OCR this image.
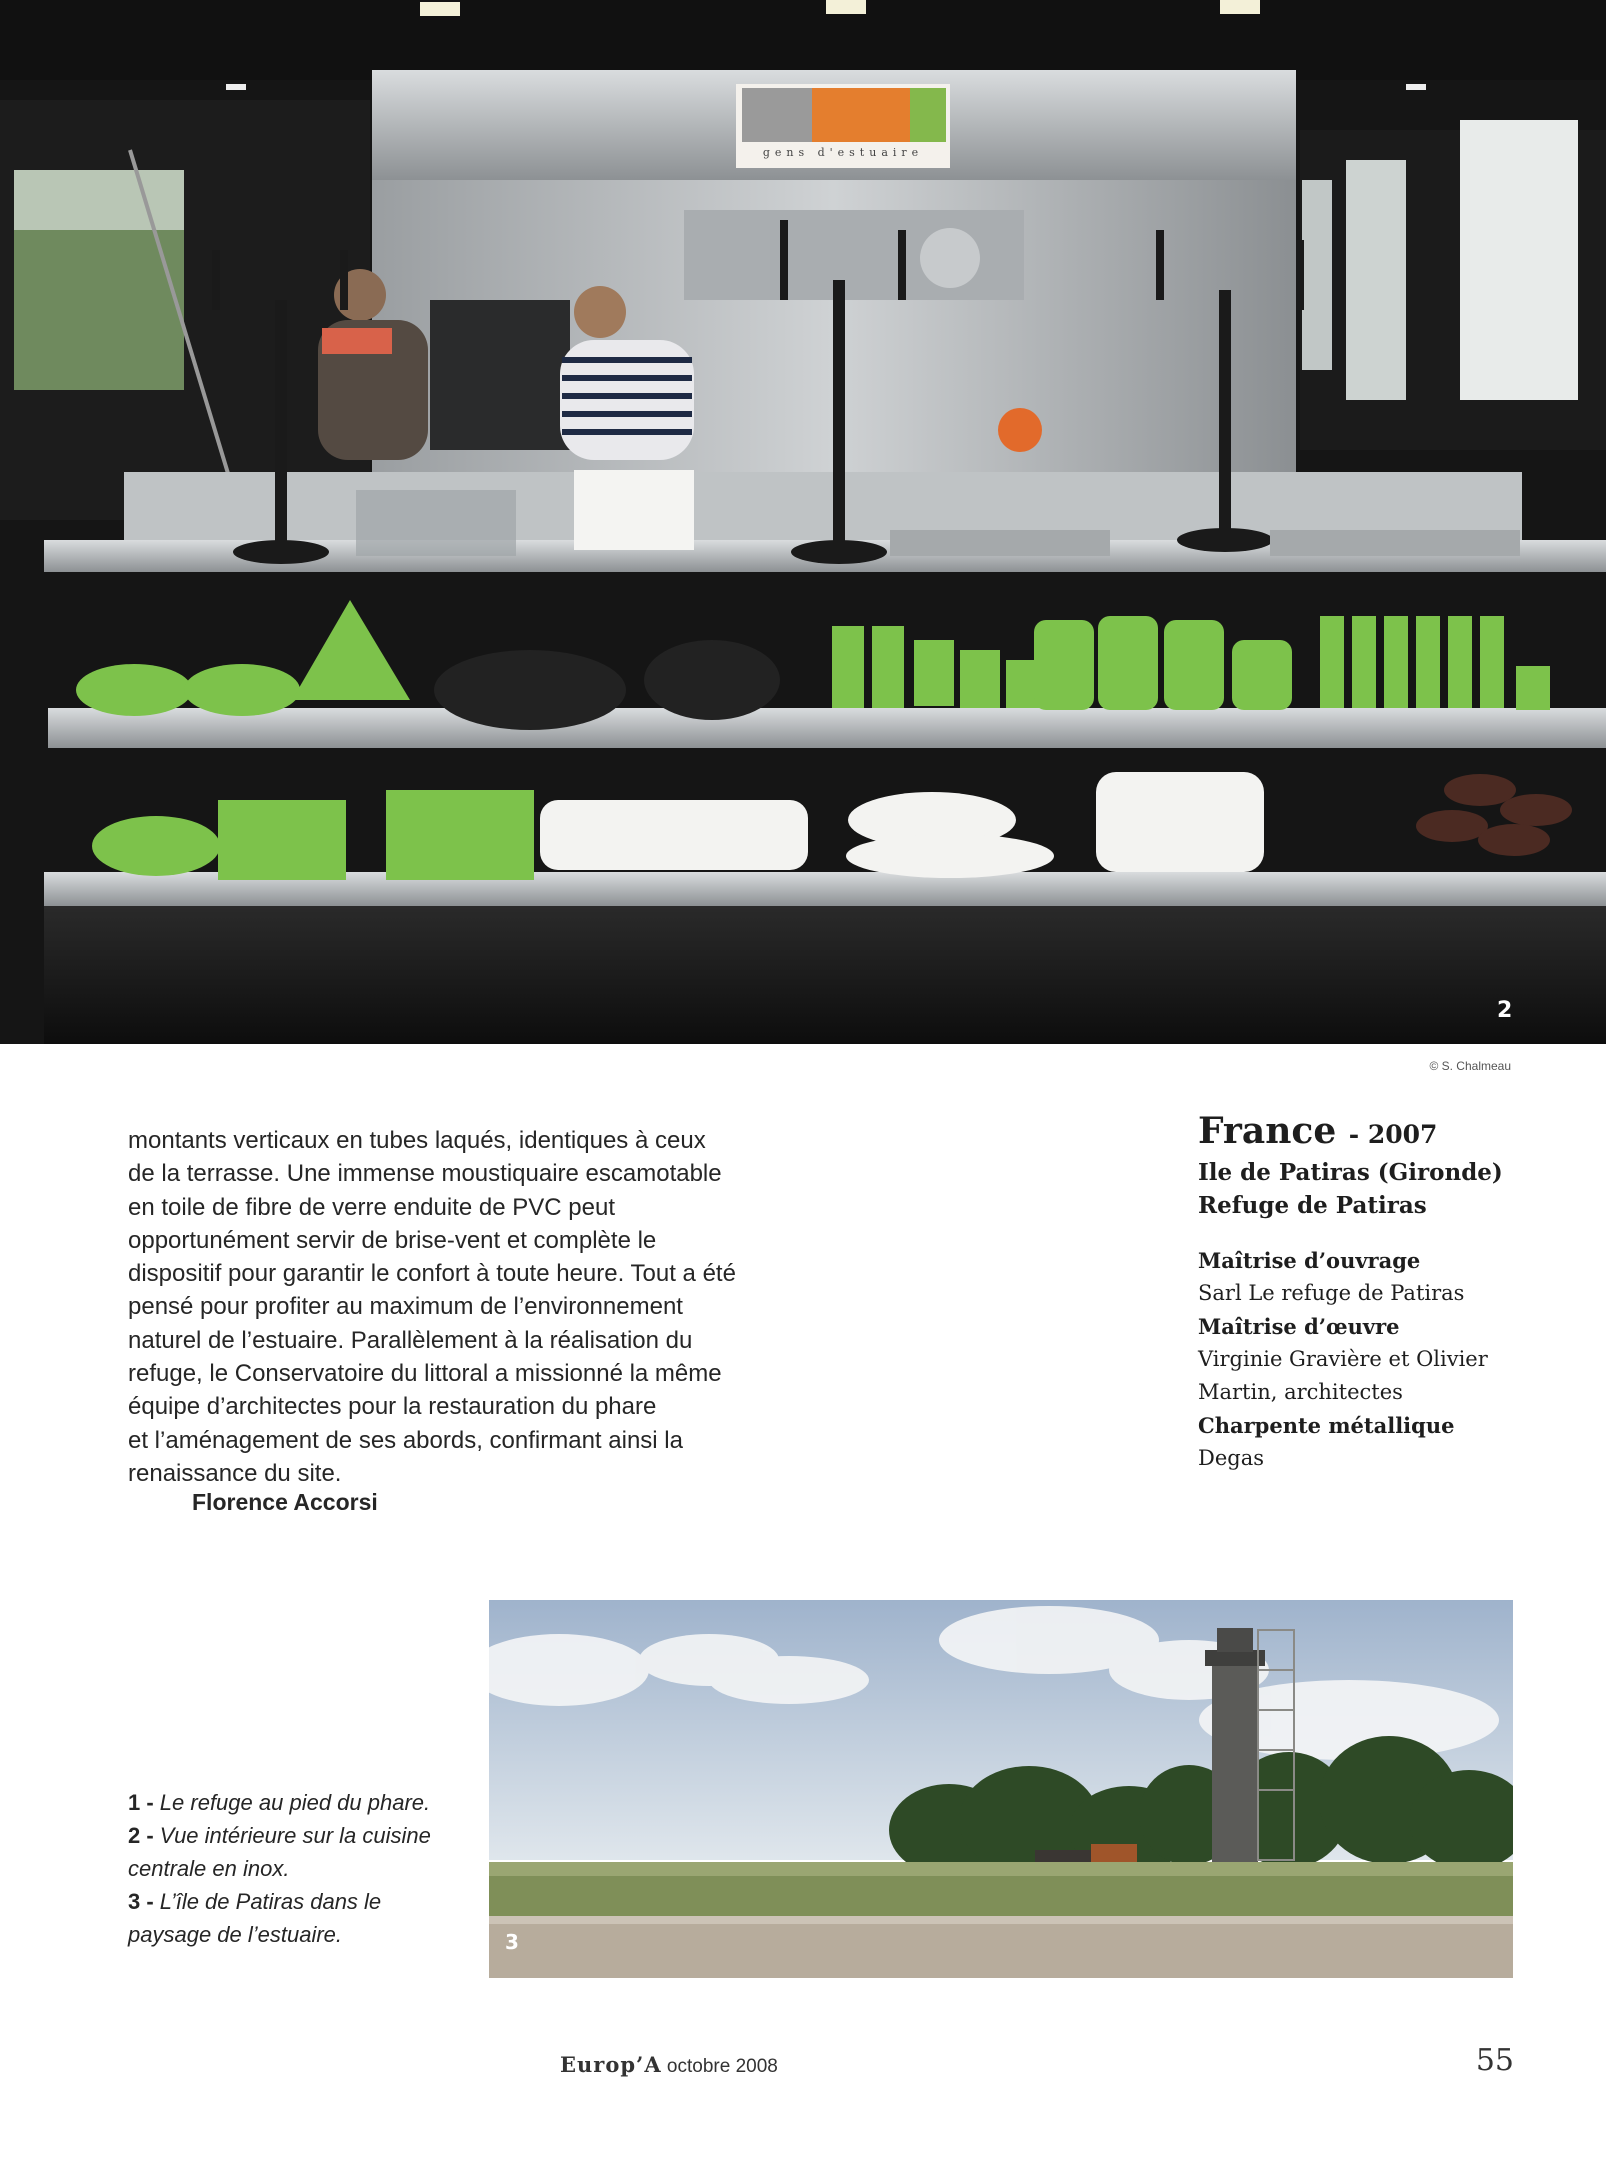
gens d'estuaire
2
© S. Chalmeau

montants verticaux en tubes laqués, identiques à ceux

de la terrasse. Une immense moustiquaire escamotable

en toile de fibre de verre enduite de PVC peut

opportunément servir de brise-vent et complète le

dispositif pour garantir le confort à toute heure. Tout a été

pensé pour profiter au maximum de l’environnement

naturel de l’estuaire. Parallèlement à la réalisation du

refuge, le Conservatoire du littoral a missionné la même

équipe d’architectes pour la restauration du phare

et l’aménagement de ses abords, confirmant ainsi la

renaissance du site.

Florence Accorsi
France - 2007
Ile de Patiras (Gironde)
Refuge de Patiras
Maîtrise d’ouvrage
Sarl Le refuge de Patiras
Maîtrise d’œuvre
Virginie Gravière et Olivier Martin, architectes
Charpente métallique
Degas
1 - Le refuge au pied du phare.
2 - Vue intérieure sur la cuisine centrale en inox.
3 - L’île de Patiras dans le paysage de l’estuaire.	3
Europ’A octobre 2008	55
